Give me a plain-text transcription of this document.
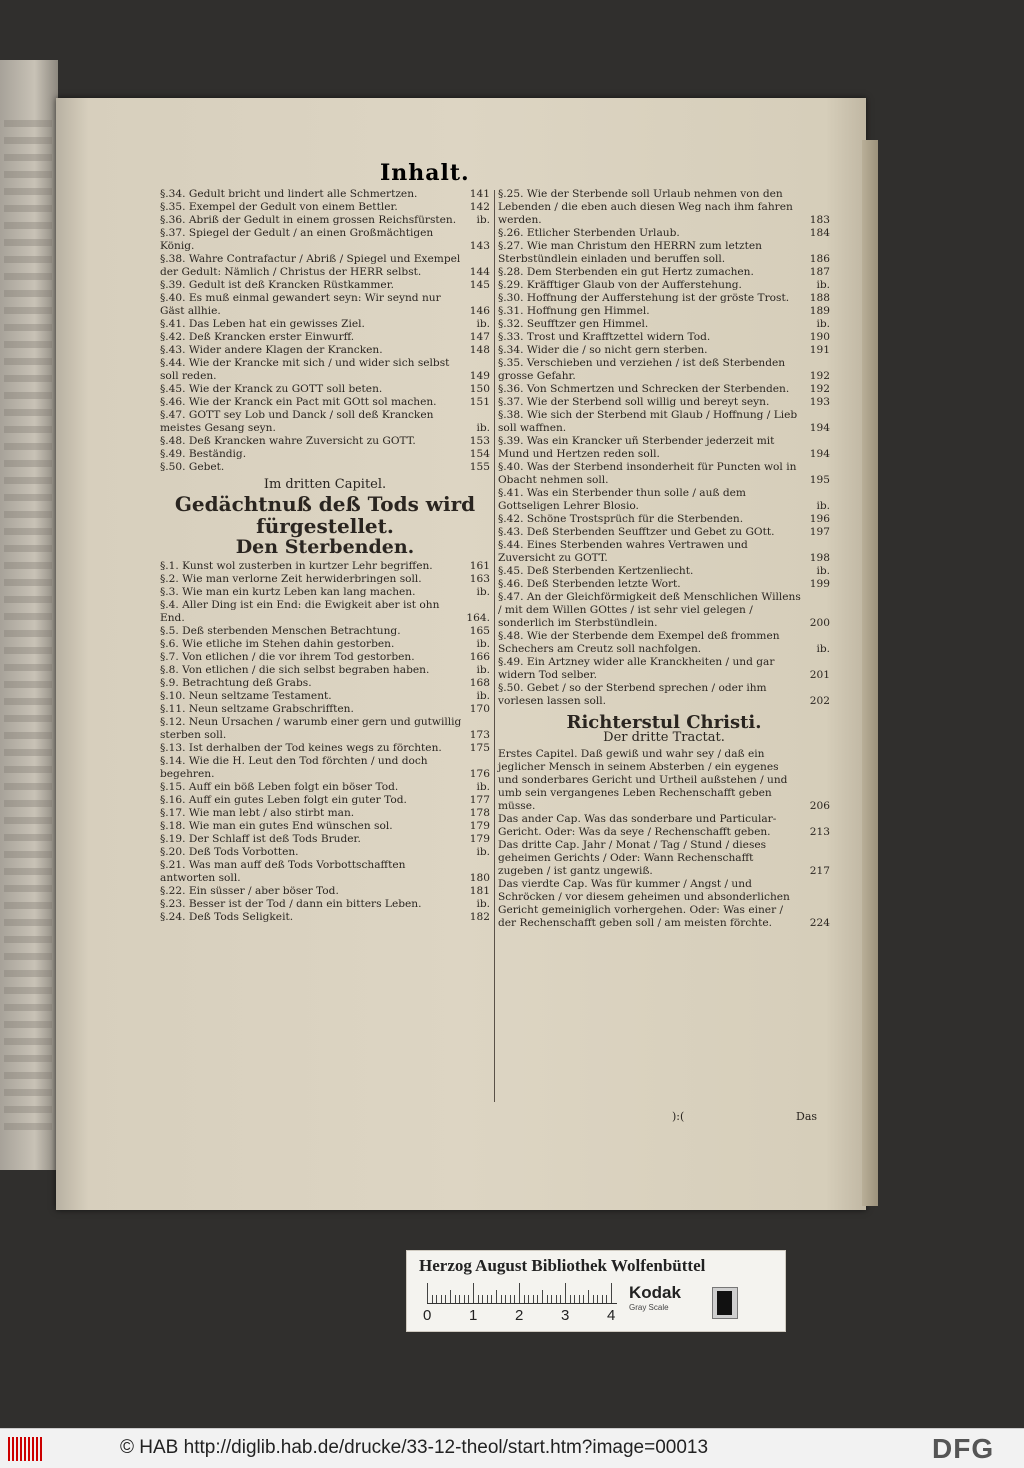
Inhalt.
§.34. Gedult bricht und lindert alle Schmertzen.	141
§.35. Exempel der Gedult von einem Bettler.	142
§.36. Abriß der Gedult in einem grossen Reichsfürsten. ib.
§.37. Spiegel der Gedult / an einen Großmächtigen König.	143
§.38. Wahre Contrafactur / Abriß / Spiegel und Exempel der Gedult: Nämlich / Christus der HERR selbst.	144
§.39. Gedult ist deß Krancken Rüstkammer.	145
§.40. Es muß einmal gewandert seyn: Wir seynd nur Gäst allhie.	146
§.41. Das Leben hat ein gewisses Ziel.	ib.
§.42. Deß Krancken erster Einwurff.	147
§.43. Wider andere Klagen der Krancken.	148
§.44. Wie der Krancke mit sich / und wider sich selbst soll reden.	149
§.45. Wie der Kranck zu GOTT soll beten.	150
§.46. Wie der Kranck ein Pact mit GOtt sol machen.	151
§.47. GOTT sey Lob und Danck / soll deß Krancken meistes Gesang seyn.	ib.
§.48. Deß Krancken wahre Zuversicht zu GOTT.	153
§.49. Beständig.	154
§.50. Gebet.	155
Im dritten Capitel.
Gedächtnuß deß Tods wird fürgestellet.
Den Sterbenden.
§.1. Kunst wol zusterben in kurtzer Lehr begriffen.	161
§.2. Wie man verlorne Zeit herwiderbringen soll.	163
§.3. Wie man ein kurtz Leben kan lang machen.	ib.
§.4. Aller Ding ist ein End: die Ewigkeit aber ist ohn End.	164.
§.5. Deß sterbenden Menschen Betrachtung.	165
§.6. Wie etliche im Stehen dahin gestorben.	ib.
§.7. Von etlichen / die vor ihrem Tod gestorben.	166
§.8. Von etlichen / die sich selbst begraben haben.	ib.
§.9. Betrachtung deß Grabs.	168
§.10. Neun seltzame Testament.	ib.
§.11. Neun seltzame Grabschrifften.	170
§.12. Neun Ursachen / warumb einer gern und gutwillig sterben soll.	173
§.13. Ist derhalben der Tod keines wegs zu förchten.	175
§.14. Wie die H. Leut den Tod förchten / und doch begehren.	176
§.15. Auff ein böß Leben folgt ein böser Tod.	ib.
§.16. Auff ein gutes Leben folgt ein guter Tod.	177
§.17. Wie man lebt / also stirbt man.	178
§.18. Wie man ein gutes End wünschen sol.	179
§.19. Der Schlaff ist deß Tods Bruder.	179
§.20. Deß Tods Vorbotten.	ib.
§.21. Was man auff deß Tods Vorbottschafften antworten soll.	180
§.22. Ein süsser / aber böser Tod.	181
§.23. Besser ist der Tod / dann ein bitters Leben.	ib.
§.24. Deß Tods Seligkeit.	182
§.25. Wie der Sterbende soll Urlaub nehmen von den Lebenden / die eben auch diesen Weg nach ihm fahren werden.	183
§.26. Etlicher Sterbenden Urlaub.	184
§.27. Wie man Christum den HERRN zum letzten Sterbstündlein einladen und beruffen soll.	186
§.28. Dem Sterbenden ein gut Hertz zumachen.	187
§.29. Kräfftiger Glaub von der Aufferstehung.	ib.
§.30. Hoffnung der Aufferstehung ist der gröste Trost. 188
§.31. Hoffnung gen Himmel.	189
§.32. Seufftzer gen Himmel.	ib.
§.33. Trost und Krafftzettel widern Tod.	190
§.34. Wider die / so nicht gern sterben.	191
§.35. Verschieben und verziehen / ist deß Sterbenden grosse Gefahr.	192
§.36. Von Schmertzen und Schrecken der Sterbenden. 192
§.37. Wie der Sterbend soll willig und bereyt seyn.	193
§.38. Wie sich der Sterbend mit Glaub / Hoffnung / Lieb soll waffnen.	194
§.39. Was ein Krancker uñ Sterbender jederzeit mit Mund und Hertzen reden soll.	194
§.40. Was der Sterbend insonderheit für Puncten wol in Obacht nehmen soll.	195
§.41. Was ein Sterbender thun solle / auß dem Gottseligen Lehrer Blosio.	ib.
§.42. Schöne Trostsprüch für die Sterbenden.	196
§.43. Deß Sterbenden Seufftzer und Gebet zu GOtt.	197
§.44. Eines Sterbenden wahres Vertrawen und Zuversicht zu GOTT.	198
§.45. Deß Sterbenden Kertzenliecht.	ib.
§.46. Deß Sterbenden letzte Wort.	199
§.47. An der Gleichförmigkeit deß Menschlichen Willens / mit dem Willen GOttes / ist sehr viel gelegen / sonderlich im Sterbstündlein.	200
§.48. Wie der Sterbende dem Exempel deß frommen Schechers am Creutz soll nachfolgen.	ib.
§.49. Ein Artzney wider alle Kranckheiten / und gar widern Tod selber.	201
§.50. Gebet / so der Sterbend sprechen / oder ihm vorlesen lassen soll.	202
Richterstul Christi.
Der dritte Tractat.
Erstes Capitel. Daß gewiß und wahr sey / daß ein jeglicher Mensch in seinem Absterben / ein eygenes und sonderbares Gericht und Urtheil außstehen / und umb sein vergangenes Leben Rechenschafft geben müsse.	206
Das ander Cap. Was das sonderbare und Particular-Gericht. Oder: Was da seye / Rechenschafft geben.	213
Das dritte Cap. Jahr / Monat / Tag / Stund / dieses geheimen Gerichts / Oder: Wann Rechenschafft zugeben / ist gantz ungewiß.	217
Das vierdte Cap. Was für kummer / Angst / und Schröcken / vor diesem geheimen und absonderlichen Gericht gemeiniglich vorhergehen. Oder: Was einer / der Rechenschafft geben soll / am meisten förchte.	224
):(
Herzog August Bibliothek Wolfenbüttel
0	1	2	3	4
Kodak
Gray Scale
© HAB http://diglib.hab.de/drucke/33-12-theol/start.htm?image=00013	DFG
